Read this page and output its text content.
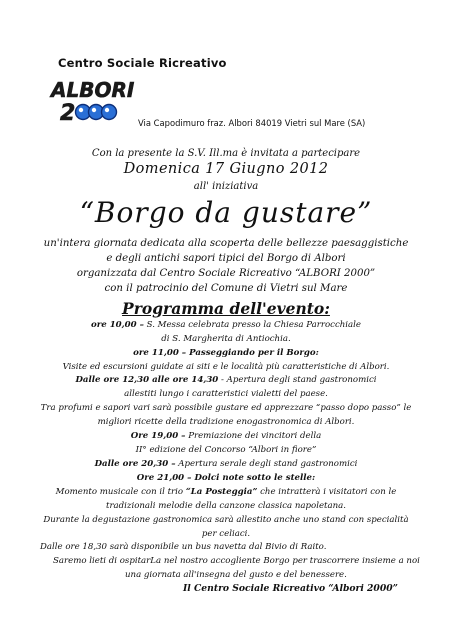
Centro Sociale Ricreativo
ALBORI
2	Via Capodimuro fraz. Albori 84019 Vietri sul Mare (SA)
Con la presente la S.V. Ill.ma è invitata a partecipare
Domenica 17 Giugno 2012
all' iniziativa
“Borgo da gustare”
un'intera giornata dedicata alla scoperta delle bellezze paesaggistiche
e degli antichi sapori tipici del Borgo di Albori
organizzata dal Centro Sociale Ricreativo “ALBORI 2000”
con il patrocinio del Comune di Vietri sul Mare
Programma dell'evento:
ore 10,00 – S. Messa celebrata presso la Chiesa Parrocchiale
di S. Margherita di Antiochia.
ore 11,00 – Passeggiando per il Borgo:
Visite ed escursioni guidate ai siti e le località più caratteristiche di Albori.
Dalle ore 12,30 alle ore 14,30 - Apertura degli stand gastronomici
allestiti lungo i caratteristici vialetti del paese.
Tra profumi e sapori vari sarà possibile gustare ed apprezzare “passo dopo passo” le
migliori ricette della tradizione enogastronomica di Albori.
Ore 19,00 – Premiazione dei vincitori della
II° edizione del Concorso “Albori in fiore”
Dalle ore 20,30 – Apertura serale degli stand gastronomici
Ore 21,00 – Dolci note sotto le stelle:
Momento musicale con il trio “La Posteggia” che intratterà i visitatori con le
tradizionali melodie della canzone classica napoletana.
Durante la degustazione gastronomica sarà allestito anche uno stand con specialità
per celiaci.
Dalle ore 18,30 sarà disponibile un bus navetta dal Bivio di Raito.
Saremo lieti di ospitarLa nel nostro accogliente Borgo per trascorrere insieme a noi
una giornata all'insegna del gusto e del benessere.
Il Centro Sociale Ricreativo “Albori 2000”
